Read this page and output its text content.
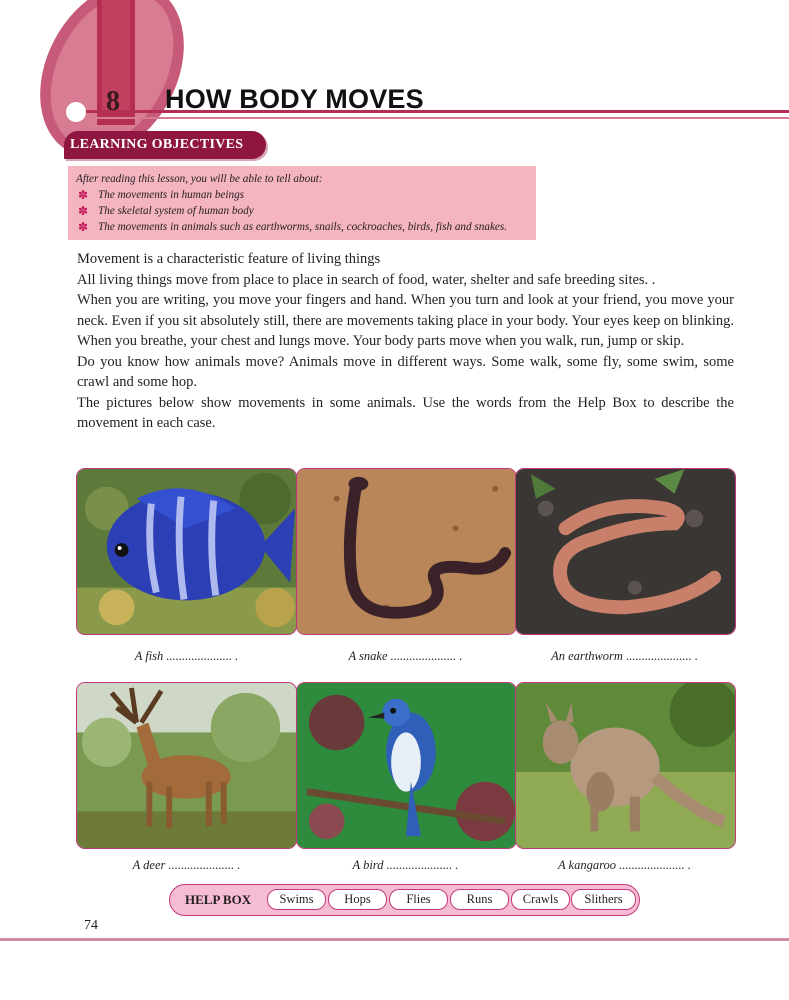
8 HOW BODY MOVES
LEARNING OBJECTIVES
After reading this lesson, you will be able to tell about:
✽ The movements in human beings
✽ The skeletal system of human body
✽ The movements in animals such as earthworms, snails, cockroaches, birds, fish and snakes.

Movement is a characteristic feature of living things

All living things move from place to place in search of food, water, shelter and safe breeding sites. .

When you are writing, you move your fingers and hand. When you turn and look at your friend, you move your neck. Even if you sit absolutely still, there are movements taking place in your body. Your eyes keep on blinking. When you breathe, your chest and lungs move. Your body parts move when you walk, run, jump or skip.

Do you know how animals move? Animals move in different ways. Some walk, some fly, some swim, some crawl and some hop.

The pictures below show movements in some animals. Use the words from the Help Box to describe the movement in each case.

A fish ..................... .	A snake ..................... .	An earthworm ..................... .
A deer ..................... .	A bird ..................... .	A kangaroo ..................... .
HELP BOX	Swims	Hops	Flies	Runs	Crawls	Slithers
74
